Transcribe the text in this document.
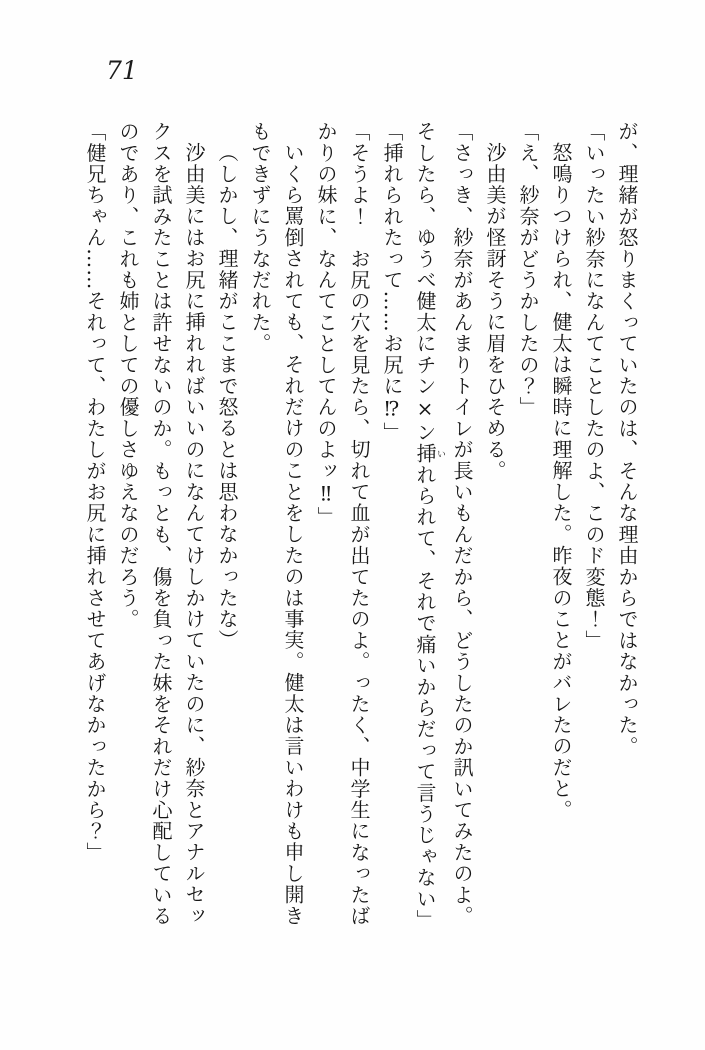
71
が、理緒が怒りまくっていたのは、そんな理由からではなかった。
「いったい紗奈になんてことしたのよ、このド変態！」
怒鳴りつけられ、健太は瞬時に理解した。昨夜のことがバレたのだと。
「え、紗奈がどうかしたの？」
沙由美が怪訝そうに眉をひそめる。
「さっき、紗奈があんまりトイレが長いもんだから、どうしたのか訊いてみたのよ。
そしたら、ゆうべ健太にチン×ン挿いれられて、それで痛いからだって言うじゃない」
「挿れられたって……お尻に⁉」
「そうよ！　お尻の穴を見たら、切れて血が出てたのよ。ったく、中学生になったば
かりの妹に、なんてことしてんのよッ‼」
いくら罵倒されても、それだけのことをしたのは事実。健太は言いわけも申し開き
もできずにうなだれた。
（しかし、理緒がここまで怒るとは思わなかったな）
沙由美にはお尻に挿れればいいのになんてけしかけていたのに、紗奈とアナルセッ
クスを試みたことは許せないのか。もっとも、傷を負った妹をそれだけ心配している
のであり、これも姉としての優しさゆえなのだろう。
「健兄ちゃん……それって、わたしがお尻に挿れさせてあげなかったから？」
